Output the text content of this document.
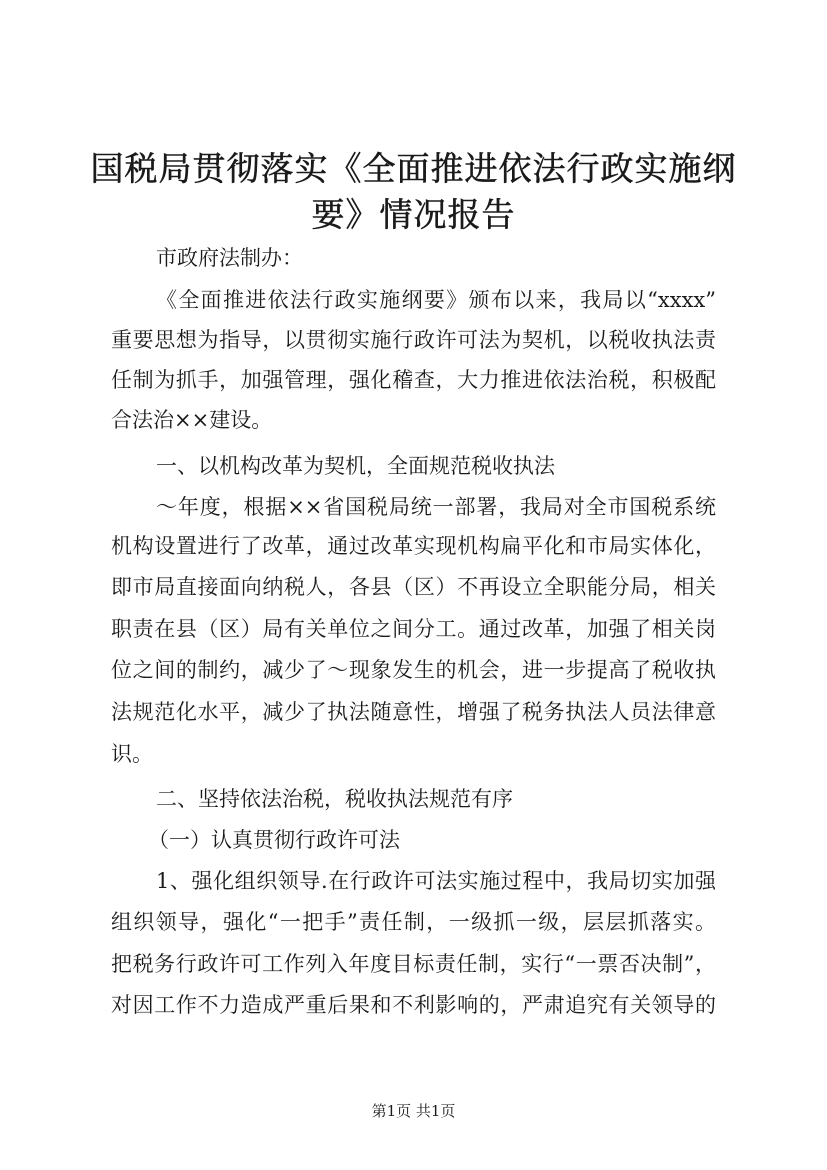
国税局贯彻落实《全面推进依法行政实施纲
要》情况报告

市政府法制办：

《全面推进依法行政实施纲要》颁布以来，我局以“xxxx”

重要思想为指导，以贯彻实施行政许可法为契机，以税收执法责

任制为抓手，加强管理，强化稽查，大力推进依法治税，积极配

合法治××建设。

一、以机构改革为契机，全面规范税收执法

～年度，根据××省国税局统一部署，我局对全市国税系统

机构设置进行了改革，通过改革实现机构扁平化和市局实体化，

即市局直接面向纳税人，各县（区）不再设立全职能分局，相关

职责在县（区）局有关单位之间分工。通过改革，加强了相关岗

位之间的制约，减少了～现象发生的机会，进一步提高了税收执

法规范化水平，减少了执法随意性，增强了税务执法人员法律意

识。

二、坚持依法治税，税收执法规范有序

（一）认真贯彻行政许可法

1、强化组织领导.在行政许可法实施过程中，我局切实加强

组织领导，强化“一把手”责任制，一级抓一级，层层抓落实。

把税务行政许可工作列入年度目标责任制，实行“一票否决制”，

对因工作不力造成严重后果和不利影响的，严肃追究有关领导的

第1页 共1页
